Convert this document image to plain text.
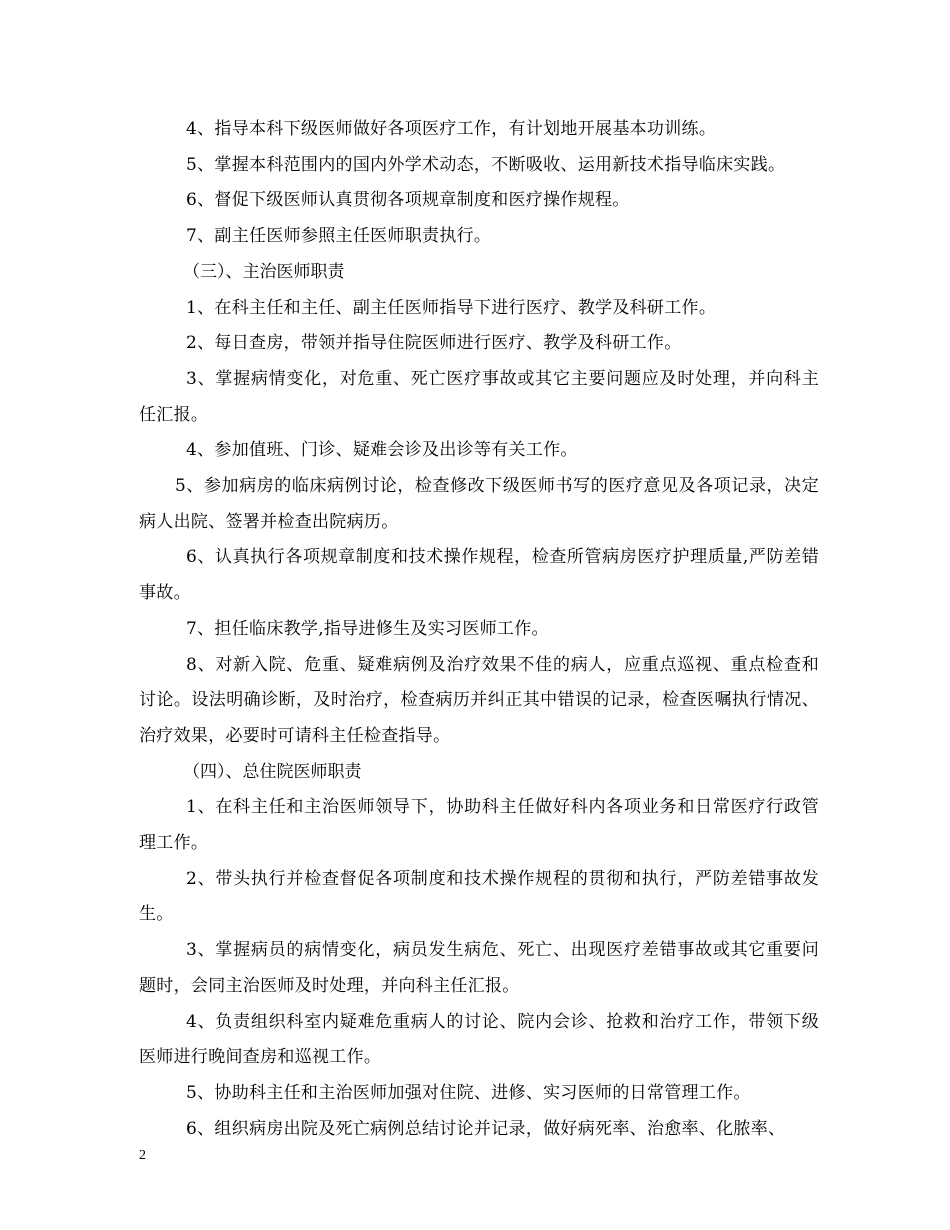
4、指导本科下级医师做好各项医疗工作，有计划地开展基本功训练。

5、掌握本科范围内的国内外学术动态，不断吸收、运用新技术指导临床实践。

6、督促下级医师认真贯彻各项规章制度和医疗操作规程。

7、副主任医师参照主任医师职责执行。

（三）、主治医师职责

1、在科主任和主任、副主任医师指导下进行医疗、教学及科研工作。

2、每日查房，带领并指导住院医师进行医疗、教学及科研工作。

3、掌握病情变化，对危重、死亡医疗事故或其它主要问题应及时处理，并向科主任汇报。

4、参加值班、门诊、疑难会诊及出诊等有关工作。

5、参加病房的临床病例讨论，检查修改下级医师书写的医疗意见及各项记录，决定病人出院、签署并检查出院病历。

6、认真执行各项规章制度和技术操作规程，检查所管病房医疗护理质量,严防差错事故。

7、担任临床教学,指导进修生及实习医师工作。

8、对新入院、危重、疑难病例及治疗效果不佳的病人，应重点巡视、重点检查和讨论。设法明确诊断，及时治疗，检查病历并纠正其中错误的记录，检查医嘱执行情况、治疗效果，必要时可请科主任检查指导。

（四）、总住院医师职责

1、在科主任和主治医师领导下，协助科主任做好科内各项业务和日常医疗行政管理工作。

2、带头执行并检查督促各项制度和技术操作规程的贯彻和执行，严防差错事故发生。

3、掌握病员的病情变化，病员发生病危、死亡、出现医疗差错事故或其它重要问题时，会同主治医师及时处理，并向科主任汇报。

4、负责组织科室内疑难危重病人的讨论、院内会诊、抢救和治疗工作，带领下级医师进行晚间查房和巡视工作。

5、协助科主任和主治医师加强对住院、进修、实习医师的日常管理工作。

6、组织病房出院及死亡病例总结讨论并记录，做好病死率、治愈率、化脓率、

2
